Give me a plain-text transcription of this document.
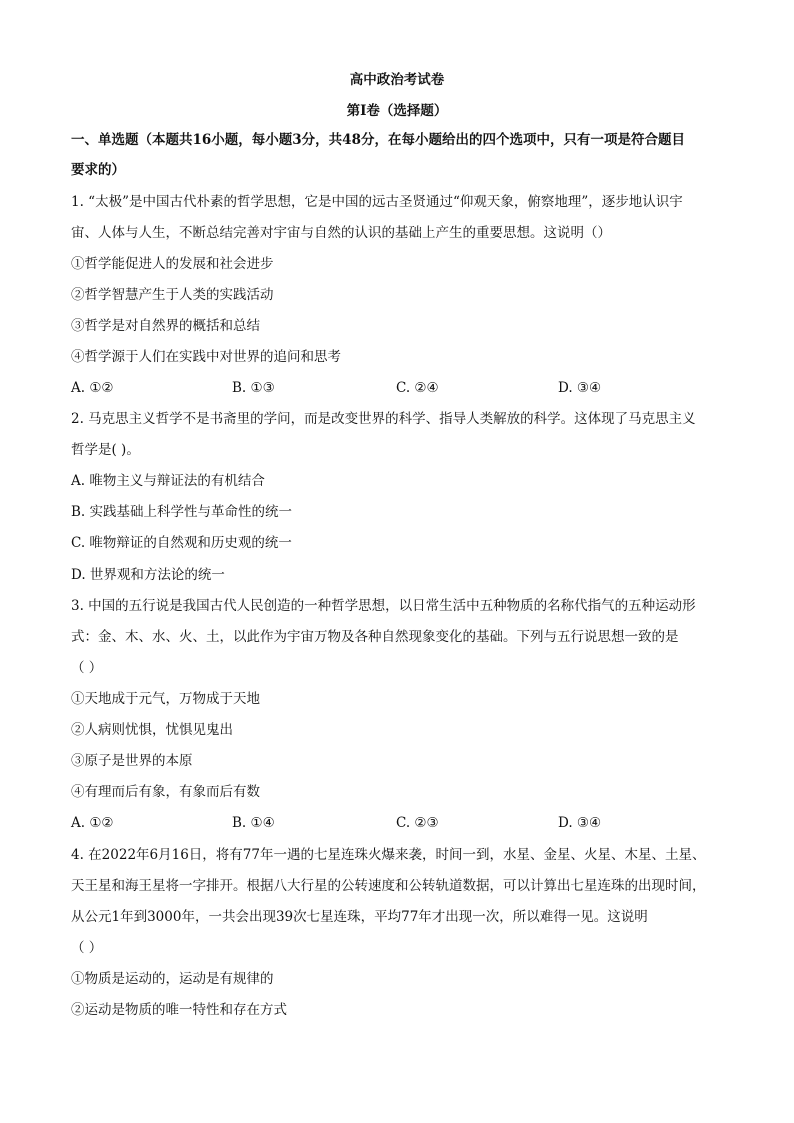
高中政治考试卷
第I卷（选择题）
一、单选题（本题共16小题，每小题3分，共48分，在每小题给出的四个选项中，只有一项是符合题目
要求的）
1. “太极”是中国古代朴素的哲学思想，它是中国的远古圣贤通过“仰观天象，俯察地理”，逐步地认识宇
宙、人体与人生，不断总结完善对宇宙与自然的认识的基础上产生的重要思想。这说明（）
①哲学能促进人的发展和社会进步
②哲学智慧产生于人类的实践活动
③哲学是对自然界的概括和总结
④哲学源于人们在实践中对世界的追问和思考
A. ①②	B. ①③	C. ②④	D. ③④
2. 马克思主义哲学不是书斋里的学问，而是改变世界的科学、指导人类解放的科学。这体现了马克思主义
哲学是( )。
A. 唯物主义与辩证法的有机结合
B. 实践基础上科学性与革命性的统一
C. 唯物辩证的自然观和历史观的统一
D. 世界观和方法论的统一
3. 中国的五行说是我国古代人民创造的一种哲学思想，以日常生活中五种物质的名称代指气的五种运动形
式：金、木、水、火、土，以此作为宇宙万物及各种自然现象变化的基础。下列与五行说思想一致的是
（ ）
①天地成于元气，万物成于天地
②人病则忧惧，忧惧见鬼出
③原子是世界的本原
④有理而后有象，有象而后有数
A. ①②	B. ①④	C. ②③	D. ③④
4. 在2022年6月16日，将有77年一遇的七星连珠火爆来袭，时间一到，水星、金星、火星、木星、土星、
天王星和海王星将一字排开。根据八大行星的公转速度和公转轨道数据，可以计算出七星连珠的出现时间，
从公元1年到3000年，一共会出现39次七星连珠，平均77年才出现一次，所以难得一见。这说明
（ ）
①物质是运动的，运动是有规律的
②运动是物质的唯一特性和存在方式
